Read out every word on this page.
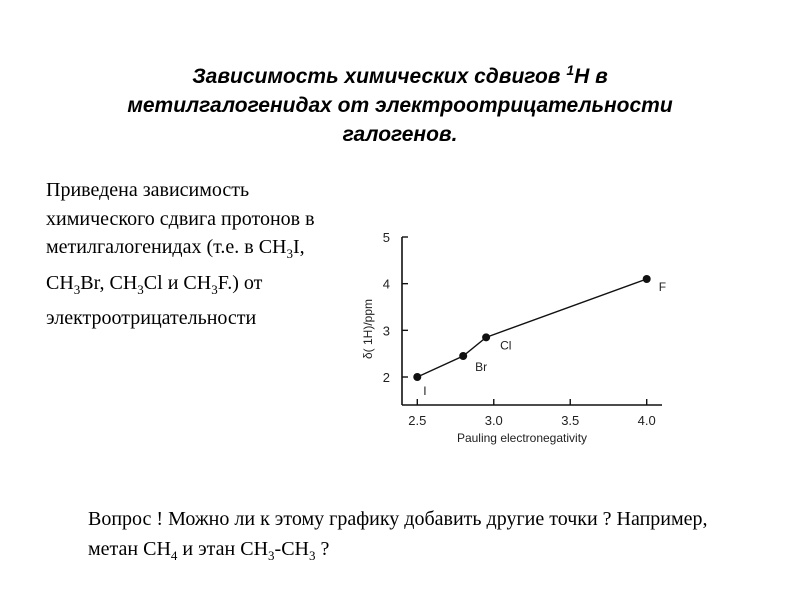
Зависимость химических сдвигов $^1$Н в метилгалогенидах от электроотрицательности галогенов.
Приведена зависимость химического сдвига протонов в метилгалогенидах (т.е. в $CH_3I$, $CH_3Br$, $CH_3Cl$ и $CH_3F$.) от электроотрицательности
2
3
4
5
2.5	3.0	3.5	4.0
Pauling electronegativity
δ( 1H)/ppm
I
Br
Cl
F
Вопрос ! Можно ли к этому графику добавить другие точки ? Например, метан $CH_4$ и этан $CH_3-CH_3$ ?
